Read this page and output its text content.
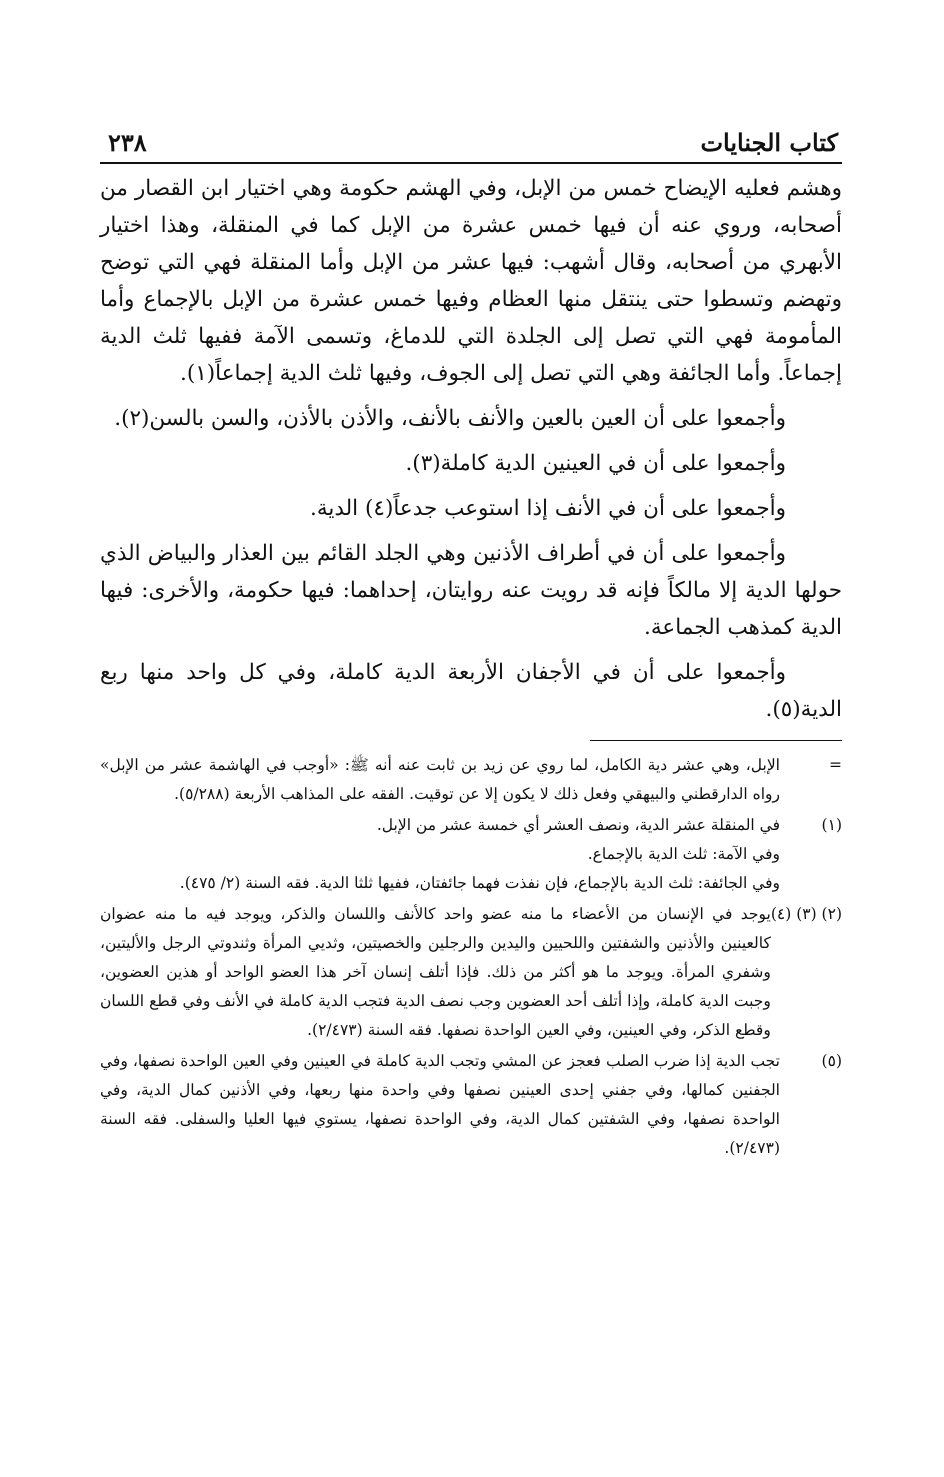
كتاب الجنايات
٢٣٨

وهشم فعليه الإيضاح خمس من الإبل، وفي الهشم حكومة وهي اختيار ابن القصار من أصحابه، وروي عنه أن فيها خمس عشرة من الإبل كما في المنقلة، وهذا اختيار الأبهري من أصحابه، وقال أشهب: فيها عشر من الإبل وأما المنقلة فهي التي توضح وتهضم وتسطوا حتى ينتقل منها العظام وفيها خمس عشرة من الإبل بالإجماع وأما المأمومة فهي التي تصل إلى الجلدة التي للدماغ، وتسمى الآمة ففيها ثلث الدية إجماعاً. وأما الجائفة وهي التي تصل إلى الجوف، وفيها ثلث الدية إجماعاً(١).

وأجمعوا على أن العين بالعين والأنف بالأنف، والأذن بالأذن، والسن بالسن(٢).

وأجمعوا على أن في العينين الدية كاملة(٣).

وأجمعوا على أن في الأنف إذا استوعب جدعاً(٤) الدية.

وأجمعوا على أن في أطراف الأذنين وهي الجلد القائم بين العذار والبياض الذي حولها الدية إلا مالكاً فإنه قد رويت عنه روايتان، إحداهما: فيها حكومة، والأخرى: فيها الدية كمذهب الجماعة.

وأجمعوا على أن في الأجفان الأربعة الدية كاملة، وفي كل واحد منها ربع الدية(٥).

=
الإبل، وهي عشر دية الكامل، لما روي عن زيد بن ثابت عنه أنه ﷺ: «أوجب في الهاشمة عشر من الإبل» رواه الدارقطني والبيهقي وفعل ذلك لا يكون إلا عن توقيت. الفقه على المذاهب الأربعة (٥/٢٨٨).
(١)
في المنقلة عشر الدية، ونصف العشر أي خمسة عشر من الإبل.
وفي الآمة: ثلث الدية بالإجماع.
وفي الجائفة: ثلث الدية بالإجماع، فإن نفذت فهما جائفتان، ففيها ثلثا الدية. فقه السنة (٢/ ٤٧٥).
(٢) (٣) (٤)
يوجد في الإنسان من الأعضاء ما منه عضو واحد كالأنف واللسان والذكر، ويوجد فيه ما منه عضوان كالعينين والأذنين والشفتين واللحيين واليدين والرجلين والخصيتين، وثديي المرأة وثندوتي الرجل والأليتين، وشفري المرأة. ويوجد ما هو أكثر من ذلك. فإذا أتلف إنسان آخر هذا العضو الواحد أو هذين العضوين، وجبت الدية كاملة، وإذا أتلف أحد العضوين وجب نصف الدية فتجب الدية كاملة في الأنف وفي قطع اللسان وقطع الذكر، وفي العينين، وفي العين الواحدة نصفها. فقه السنة (٢/٤٧٣).
(٥)
تجب الدية إذا ضرب الصلب فعجز عن المشي وتجب الدية كاملة في العينين وفي العين الواحدة نصفها، وفي الجفنين كمالها، وفي جفني إحدى العينين نصفها وفي واحدة منها ربعها، وفي الأذنين كمال الدية، وفي الواحدة نصفها، وفي الشفتين كمال الدية، وفي الواحدة نصفها، يستوي فيها العليا والسفلى. فقه السنة (٢/٤٧٣).
